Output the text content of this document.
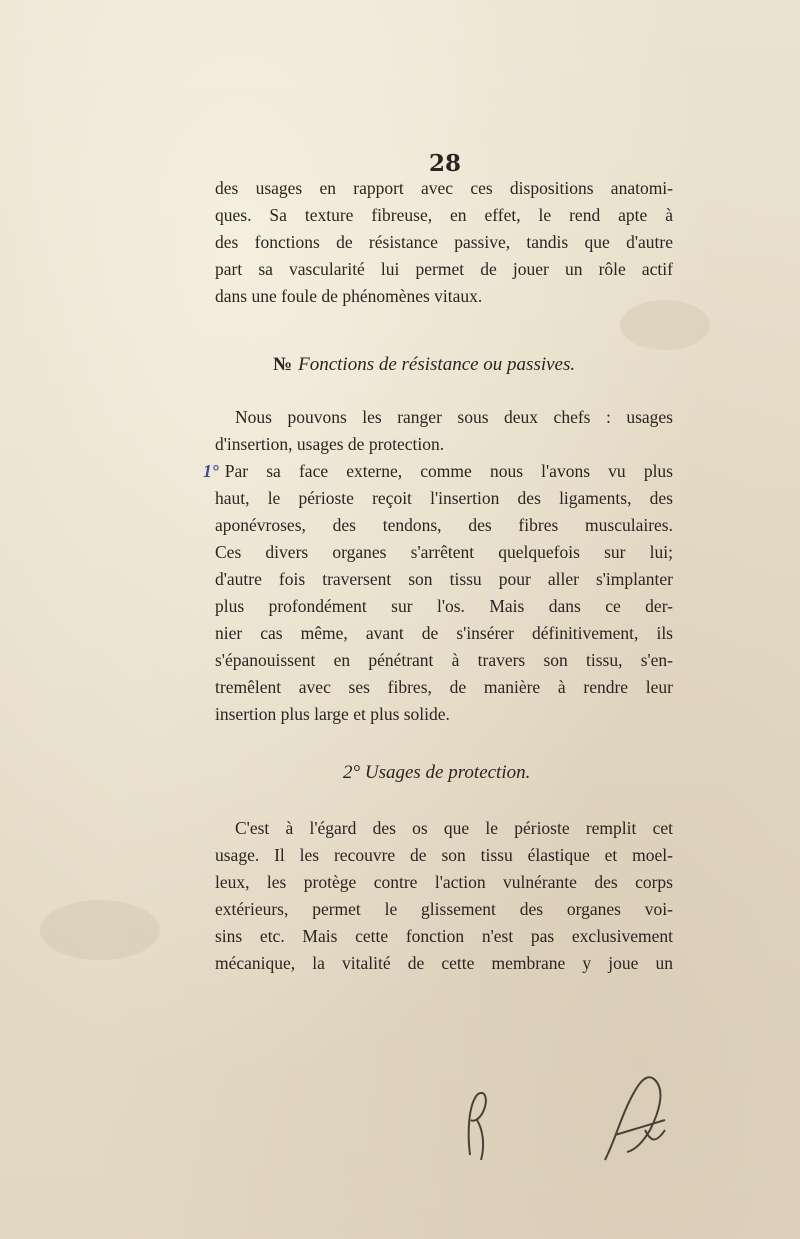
28
des usages en rapport avec ces dispositions anatomi-
ques. Sa texture fibreuse, en effet, le rend apte à
des fonctions de résistance passive, tandis que d'autre
part sa vascularité lui permet de jouer un rôle actif
dans une foule de phénomènes vitaux.
№ Fonctions de résistance ou passives.
Nous pouvons les ranger sous deux chefs : usages
d'insertion, usages de protection.
1° Par sa face externe, comme nous l'avons vu plus
haut, le périoste reçoit l'insertion des ligaments, des
aponévroses, des tendons, des fibres musculaires.
Ces divers organes s'arrêtent quelquefois sur lui;
d'autre fois traversent son tissu pour aller s'implanter
plus profondément sur l'os. Mais dans ce der-
nier cas même, avant de s'insérer définitivement, ils
s'épanouissent en pénétrant à travers son tissu, s'en-
tremêlent avec ses fibres, de manière à rendre leur
insertion plus large et plus solide.
2° Usages de protection.
C'est à l'égard des os que le périoste remplit cet
usage. Il les recouvre de son tissu élastique et moel-
leux, les protège contre l'action vulnérante des corps
extérieurs, permet le glissement des organes voi-
sins etc. Mais cette fonction n'est pas exclusivement
mécanique, la vitalité de cette membrane y joue un
